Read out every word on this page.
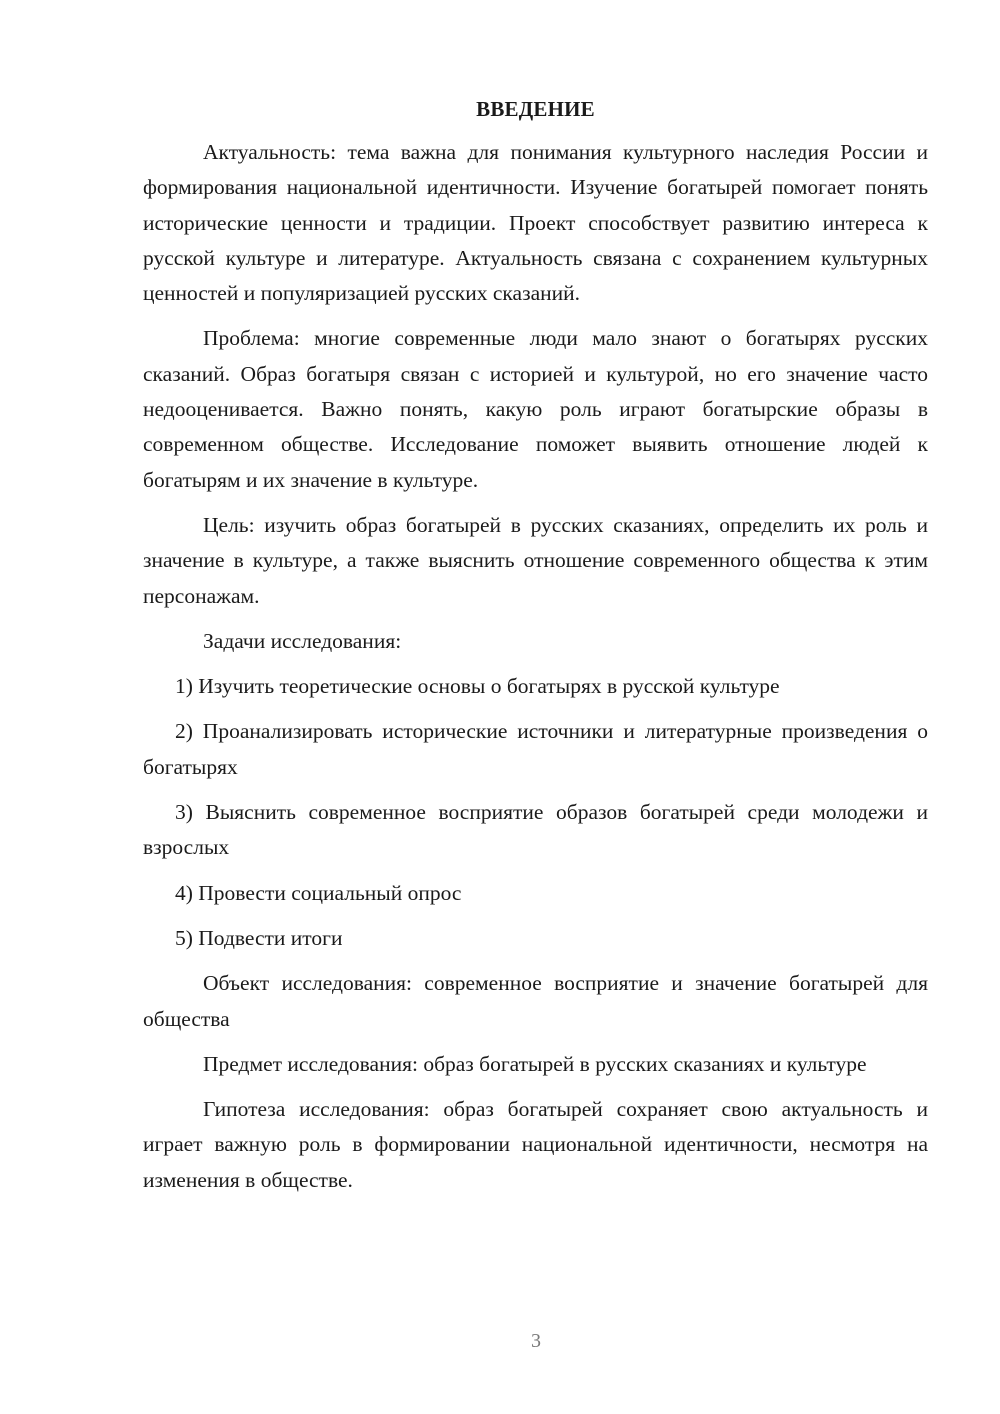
ВВЕДЕНИЕ

Актуальность: тема важна для понимания культурного наследия России и формирования национальной идентичности. Изучение богатырей помогает понять исторические ценности и традиции. Проект способствует развитию интереса к русской культуре и литературе. Актуальность связана с сохранением культурных ценностей и популяризацией русских сказаний.

Проблема: многие современные люди мало знают о богатырях русских сказаний. Образ богатыря связан с историей и культурой, но его значение часто недооценивается. Важно понять, какую роль играют богатырские образы в современном обществе. Исследование поможет выявить отношение людей к богатырям и их значение в культуре.

Цель: изучить образ богатырей в русских сказаниях, определить их роль и значение в культуре, а также выяснить отношение современного общества к этим персонажам.

Задачи исследования:

1) Изучить теоретические основы о богатырях в русской культуре

2) Проанализировать исторические источники и литературные произведения о богатырях

3) Выяснить современное восприятие образов богатырей среди молодежи и взрослых

4) Провести социальный опрос

5) Подвести итоги

Объект исследования: современное восприятие и значение богатырей для общества

Предмет исследования: образ богатырей в русских сказаниях и культуре

Гипотеза исследования: образ богатырей сохраняет свою актуальность и играет важную роль в формировании национальной идентичности, несмотря на изменения в обществе.

3
